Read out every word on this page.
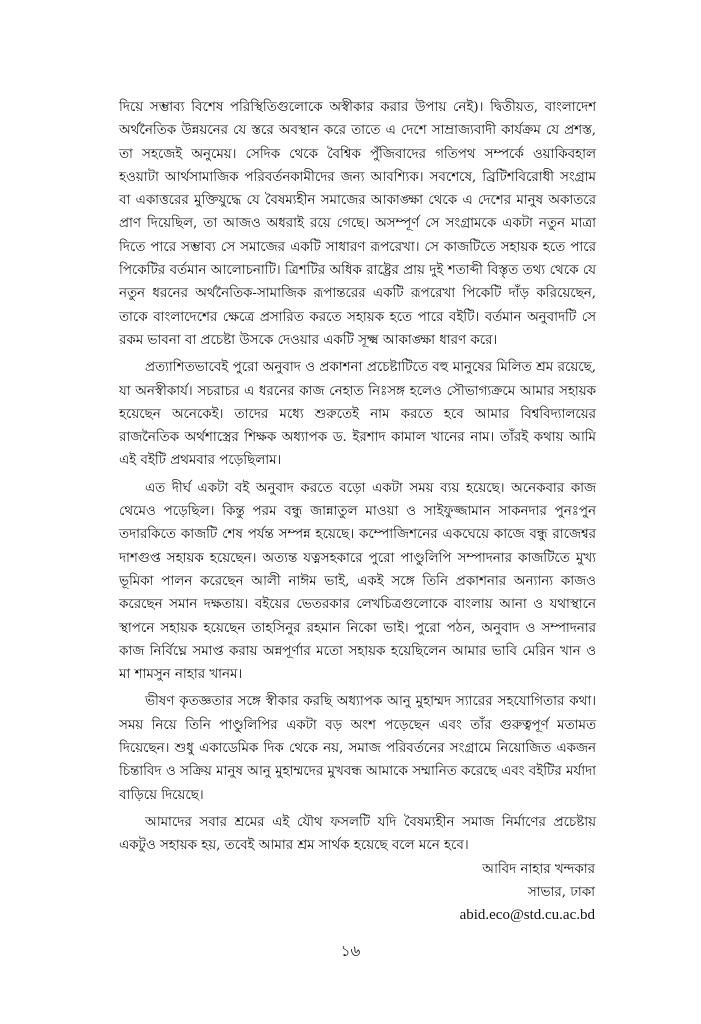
দিয়ে সম্ভাব্য বিশেষ পরিস্থিতিগুলোকে অস্বীকার করার উপায় নেই)। দ্বিতীয়ত, বাংলাদেশ অর্থনৈতিক উন্নয়নের যে স্তরে অবস্থান করে তাতে এ দেশে সাম্রাজ্যবাদী কার্যক্রম যে প্রশস্ত, তা সহজেই অনুমেয়। সেদিক থেকে বৈশ্বিক পুঁজিবাদের গতিপথ সম্পর্কে ওয়াকিবহাল হওয়াটা আর্থসামাজিক পরিবর্তনকামীদের জন্য আবশ্যিক। সবশেষে, ব্রিটিশবিরোধী সংগ্রাম বা একাত্তরের মুক্তিযুদ্ধে যে বৈষম্যহীন সমাজের আকাঙ্ক্ষা থেকে এ দেশের মানুষ অকাতরে প্রাণ দিয়েছিল, তা আজও অধরাই রয়ে গেছে। অসম্পূর্ণ সে সংগ্রামকে একটা নতুন মাত্রা দিতে পারে সম্ভাব্য সে সমাজের একটি সাধারণ রূপরেখা। সে কাজটিতে সহায়ক হতে পারে পিকেটির বর্তমান আলোচনাটি। ত্রিশটির অধিক রাষ্ট্রের প্রায় দুই শতাব্দী বিস্তৃত তথ্য থেকে যে নতুন ধরনের অর্থনৈতিক-সামাজিক রূপান্তরের একটি রূপরেখা পিকেটি দাঁড় করিয়েছেন, তাকে বাংলাদেশের ক্ষেত্রে প্রসারিত করতে সহায়ক হতে পারে বইটি। বর্তমান অনুবাদটি সে রকম ভাবনা বা প্রচেষ্টা উসকে দেওয়ার একটি সূক্ষ্ম আকাঙ্ক্ষা ধারণ করে।

প্রত্যাশিতভাবেই পুরো অনুবাদ ও প্রকাশনা প্রচেষ্টাটিতে বহু মানুষের মিলিত শ্রম রয়েছে, যা অনস্বীকার্য। সচরাচর এ ধরনের কাজ নেহাত নিঃসঙ্গ হলেও সৌভাগ্যক্রমে আমার সহায়ক হয়েছেন অনেকেই। তাদের মধ্যে শুরুতেই নাম করতে হবে আমার বিশ্ববিদ্যালয়ের রাজনৈতিক অর্থশাস্ত্রের শিক্ষক অধ্যাপক ড. ইরশাদ কামাল খানের নাম। তাঁরই কথায় আমি এই বইটি প্রথমবার পড়েছিলাম।

এত দীর্ঘ একটা বই অনুবাদ করতে বড়ো একটা সময় ব্যয় হয়েছে। অনেকবার কাজ থেমেও পড়েছিল। কিন্তু পরম বন্ধু জান্নাতুল মাওয়া ও সাইফুজ্জামান সাকনদার পুনঃপুন তদারকিতে কাজটি শেষ পর্যন্ত সম্পন্ন হয়েছে। কম্পোজিশনের একঘেয়ে কাজে বন্ধু রাজেশ্বর দাশগুপ্ত সহায়ক হয়েছেন। অত্যন্ত যত্নসহকারে পুরো পাণ্ডুলিপি সম্পাদনার কাজটিতে মুখ্য ভূমিকা পালন করেছেন আলী নাঈম ভাই, একই সঙ্গে তিনি প্রকাশনার অন্যান্য কাজও করেছেন সমান দক্ষতায়। বইয়ের ভেতরকার লেখচিত্রগুলোকে বাংলায় আনা ও যথাস্থানে স্থাপনে সহায়ক হয়েছেন তাহসিনুর রহমান নিকো ভাই। পুরো পঠন, অনুবাদ ও সম্পাদনার কাজ নির্বিঘ্নে সমাপ্ত করায় অন্নপূর্ণার মতো সহায়ক হয়েছিলেন আমার ভাবি মেরিন খান ও মা শামসুন নাহার খানম।

ভীষণ কৃতজ্ঞতার সঙ্গে স্বীকার করছি অধ্যাপক আনু মুহাম্মদ স্যারের সহযোগিতার কথা। সময় নিয়ে তিনি পাণ্ডুলিপির একটা বড় অংশ পড়েছেন এবং তাঁর গুরুত্বপূর্ণ মতামত দিয়েছেন। শুধু একাডেমিক দিক থেকে নয়, সমাজ পরিবর্তনের সংগ্রামে নিয়োজিত একজন চিন্তাবিদ ও সক্রিয় মানুষ আনু মুহাম্মদের মুখবন্ধ আমাকে সম্মানিত করেছে এবং বইটির মর্যাদা বাড়িয়ে দিয়েছে।

আমাদের সবার শ্রমের এই যৌথ ফসলটি যদি বৈষম্যহীন সমাজ নির্মাণের প্রচেষ্টায় একটুও সহায়ক হয়, তবেই আমার শ্রম সার্থক হয়েছে বলে মনে হবে।

আবিদ নাহার খন্দকার
সাভার, ঢাকা
abid.eco@std.cu.ac.bd
১৬
